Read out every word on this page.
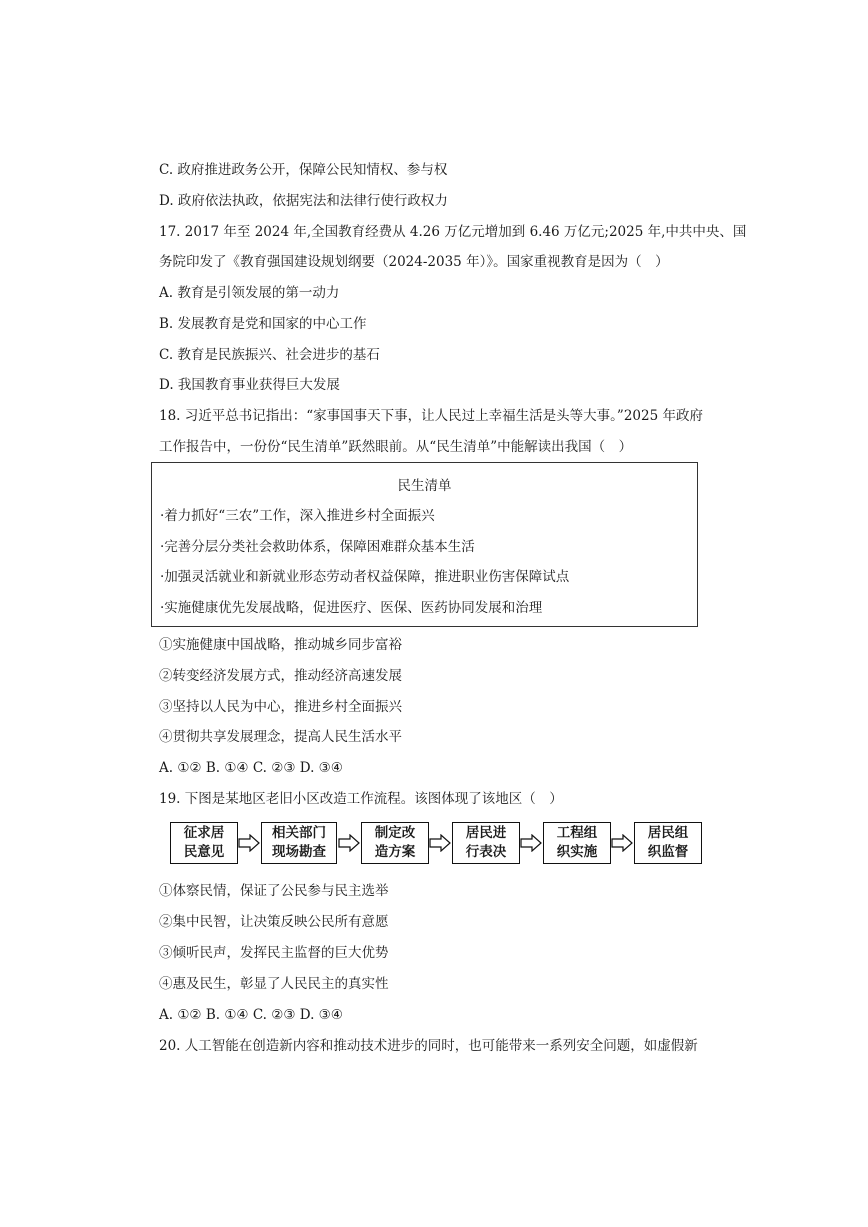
C. 政府推进政务公开，保障公民知情权、参与权
D. 政府依法执政，依据宪法和法律行使行政权力
17. 2017 年至 2024 年,全国教育经费从 4.26 万亿元增加到 6.46 万亿元;2025 年,中共中央、国
务院印发了《教育强国建设规划纲要（2024-2035 年）》。国家重视教育是因为（　）
A. 教育是引领发展的第一动力
B. 发展教育是党和国家的中心工作
C. 教育是民族振兴、社会进步的基石
D. 我国教育事业获得巨大发展
18. 习近平总书记指出：“家事国事天下事，让人民过上幸福生活是头等大事。”2025 年政府
工作报告中，一份份“民生清单”跃然眼前。从“民生清单”中能解读出我国（　）
民生清单
·着力抓好“三农”工作，深入推进乡村全面振兴
·完善分层分类社会救助体系，保障困难群众基本生活
·加强灵活就业和新就业形态劳动者权益保障，推进职业伤害保障试点
·实施健康优先发展战略，促进医疗、医保、医药协同发展和治理
①实施健康中国战略，推动城乡同步富裕
②转变经济发展方式，推动经济高速发展
③坚持以人民为中心，推进乡村全面振兴
④贯彻共享发展理念，提高人民生活水平
A. ①② B. ①④ C. ②③ D. ③④
19. 下图是某地区老旧小区改造工作流程。该图体现了该地区（　）
征求居
民意见
相关部门
现场勘查
制定改
造方案
居民进
行表决
工程组
织实施
居民组
织监督
①体察民情，保证了公民参与民主选举
②集中民智，让决策反映公民所有意愿
③倾听民声，发挥民主监督的巨大优势
④惠及民生，彰显了人民民主的真实性
A. ①② B. ①④ C. ②③ D. ③④
20. 人工智能在创造新内容和推动技术进步的同时，也可能带来一系列安全问题，如虚假新
